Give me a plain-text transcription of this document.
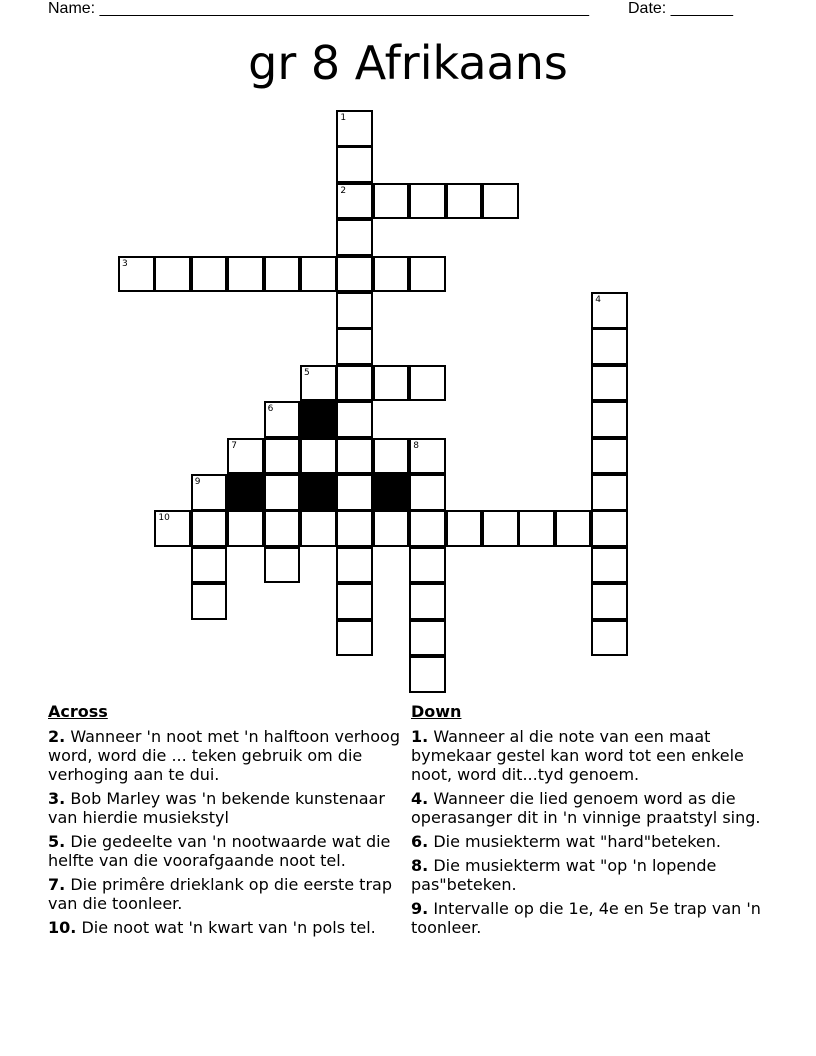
Name: _______________________________________________________ Date: _______
gr 8 Afrikaans
1
2
3
4
5
6
7	8
9
10
Across
2. Wanneer 'n noot met 'n halftoon verhoog word, word die ... teken gebruik om die verhoging aan te dui.
3. Bob Marley was 'n bekende kunstenaar van hierdie musiekstyl
5. Die gedeelte van 'n nootwaarde wat die helfte van die voorafgaande noot tel.
7. Die primêre drieklank op die eerste trap van die toonleer.
10. Die noot wat 'n kwart van 'n pols tel.
Down
1. Wanneer al die note van een maat bymekaar gestel kan word tot een enkele noot, word dit...tyd genoem.
4. Wanneer die lied genoem word as die operasanger dit in 'n vinnige praatstyl sing.
6. Die musiekterm wat "hard"beteken.
8. Die musiekterm wat "op 'n lopende pas"beteken.
9. Intervalle op die 1e, 4e en 5e trap van 'n toonleer.
